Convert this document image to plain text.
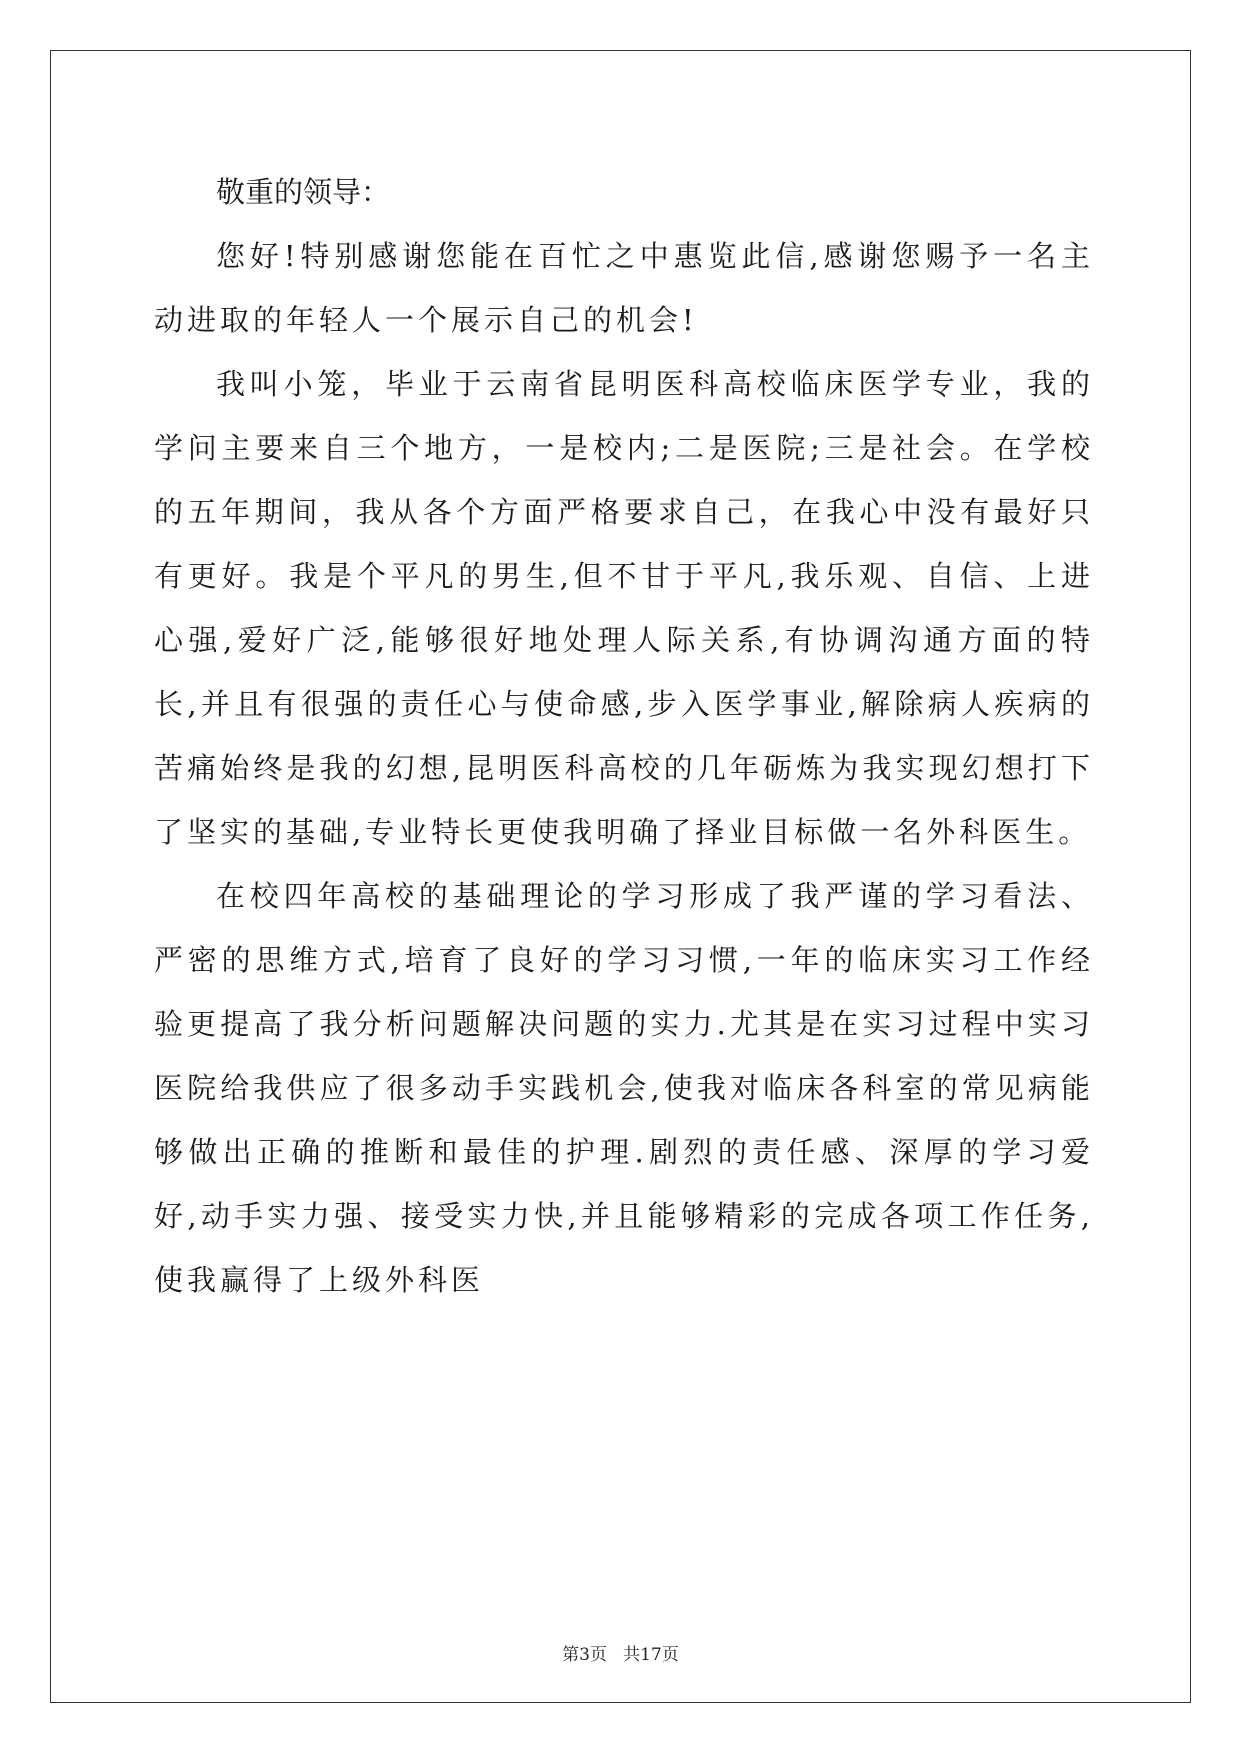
敬重的领导：

您好!特别感谢您能在百忙之中惠览此信,感谢您赐予一名主动进取的年轻人一个展示自己的机会!

我叫小笼，毕业于云南省昆明医科高校临床医学专业，我的学问主要来自三个地方，一是校内;二是医院;三是社会。在学校的五年期间，我从各个方面严格要求自己，在我心中没有最好只有更好。我是个平凡的男生,但不甘于平凡,我乐观、自信、上进心强,爱好广泛,能够很好地处理人际关系,有协调沟通方面的特长,并且有很强的责任心与使命感,步入医学事业,解除病人疾病的苦痛始终是我的幻想,昆明医科高校的几年砺炼为我实现幻想打下了坚实的基础,专业特长更使我明确了择业目标做一名外科医生。

在校四年高校的基础理论的学习形成了我严谨的学习看法、严密的思维方式,培育了良好的学习习惯,一年的临床实习工作经验更提高了我分析问题解决问题的实力.尤其是在实习过程中实习医院给我供应了很多动手实践机会,使我对临床各科室的常见病能够做出正确的推断和最佳的护理.剧烈的责任感、深厚的学习爱好,动手实力强、接受实力快,并且能够精彩的完成各项工作任务,使我赢得了上级外科医

第3页   共17页
